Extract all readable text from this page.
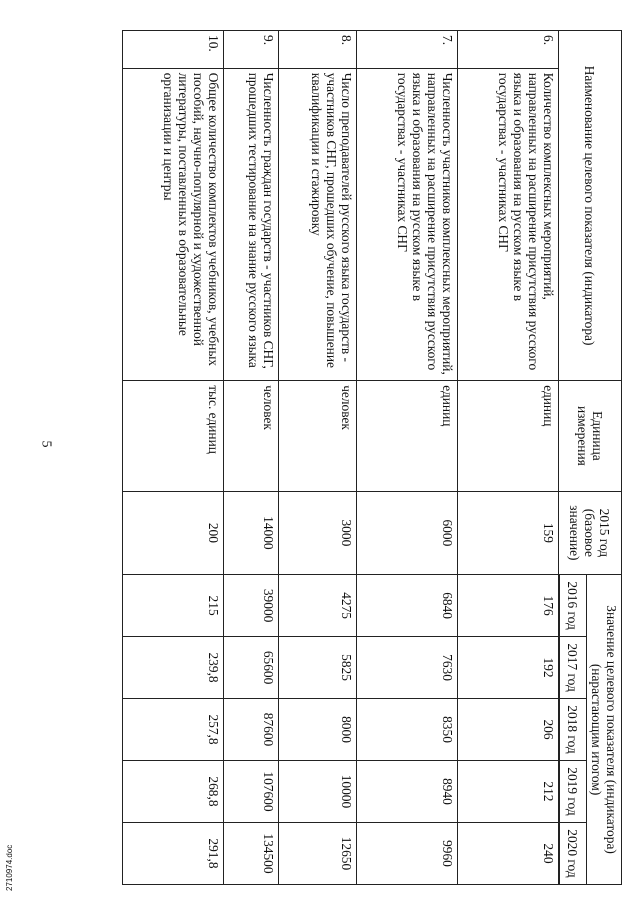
5
Наименование целевого показателя (индикатора)		Единица измерения	2015 год (базовое значение)	Значение целевого показателя (индикатора) (нарастающим итогом)				
				2016 год	2017 год	2018 год	2019 год	2020 год

6.	Количество комплексных мероприятий, направленных на расширение присутствия русского языка и образования на русском языке в государствах - участниках СНГ	единиц	159	176	192	206	212	240
7.	Численность участников комплексных мероприятий, направленных на расширение присутствия русского языка и образования на русском языке в государствах - участниках СНГ	единиц	6000	6840	7630	8350	8940	9960
8.	Число преподавателей русского языка государств - участников СНГ, прошедших обучение, повышение квалификации и стажировку	человек	3000	4275	5825	8000	10000	12650
9.	Численность граждан государств - участников СНГ, прошедших тестирование на знание русского языка	человек	14000	39000	65600	87600	107600	134500
10.	Общее количество комплектов учебников, учебных пособий, научно-популярной и художественной литературы, поставленных в образовательные организации и центры	тыс. единиц	200	215	239,8	257,8	268,8	291,8
2710974.doc
